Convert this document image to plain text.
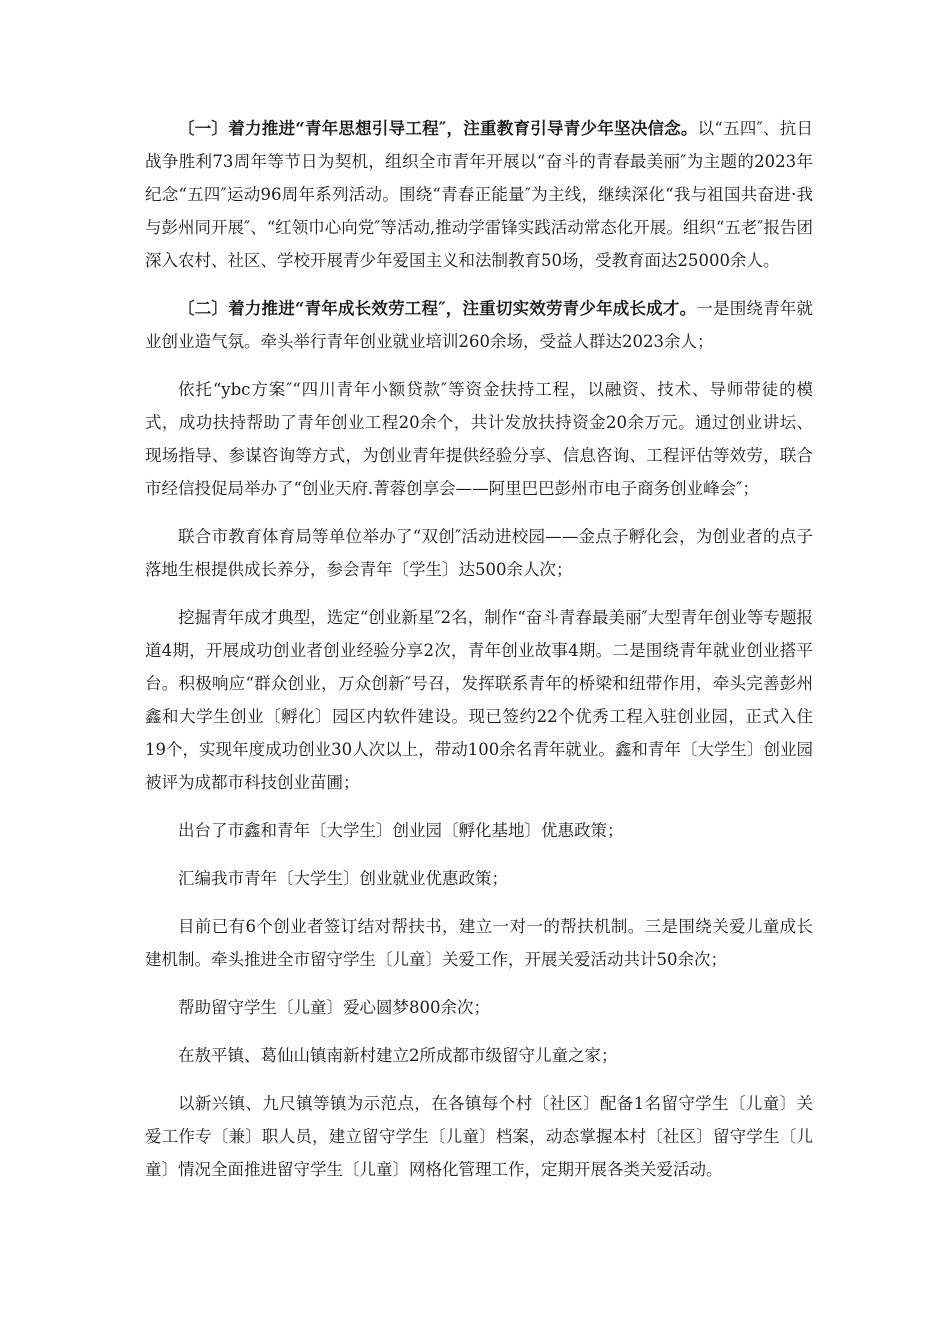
〔一〕着力推进“青年思想引导工程″，注重教育引导青少年坚决信念。以“五四″、抗日战争胜利73周年等节日为契机，组织全市青年开展以“奋斗的青春最美丽″为主题的2023年纪念“五四″运动96周年系列活动。围绕“青春正能量″为主线，继续深化“我与祖国共奋进·我与彭州同开展″、“红领巾心向党″等活动,推动学雷锋实践活动常态化开展。组织“五老″报告团深入农村、社区、学校开展青少年爱国主义和法制教育50场，受教育面达25000余人。

〔二〕着力推进“青年成长效劳工程″，注重切实效劳青少年成长成才。一是围绕青年就业创业造气氛。牵头举行青年创业就业培训260余场，受益人群达2023余人；

依托“ybc方案″“四川青年小额贷款″等资金扶持工程，以融资、技术、导师带徒的模式，成功扶持帮助了青年创业工程20余个，共计发放扶持资金20余万元。通过创业讲坛、现场指导、参谋咨询等方式，为创业青年提供经验分享、信息咨询、工程评估等效劳，联合市经信投促局举办了“创业天府.菁蓉创享会——阿里巴巴彭州市电子商务创业峰会″；

联合市教育体育局等单位举办了“双创″活动进校园——金点子孵化会，为创业者的点子落地生根提供成长养分，参会青年〔学生〕达500余人次；

挖掘青年成才典型，选定“创业新星″2名，制作“奋斗青春最美丽″大型青年创业等专题报道4期，开展成功创业者创业经验分享2次，青年创业故事4期。二是围绕青年就业创业搭平台。积极响应“群众创业，万众创新″号召，发挥联系青年的桥梁和纽带作用，牵头完善彭州鑫和大学生创业〔孵化〕园区内软件建设。现已签约22个优秀工程入驻创业园，正式入住19个，实现年度成功创业30人次以上，带动100余名青年就业。鑫和青年〔大学生〕创业园被评为成都市科技创业苗圃；

出台了市鑫和青年〔大学生〕创业园〔孵化基地〕优惠政策；

汇编我市青年〔大学生〕创业就业优惠政策；

目前已有6个创业者签订结对帮扶书，建立一对一的帮扶机制。三是围绕关爱儿童成长建机制。牵头推进全市留守学生〔儿童〕关爱工作，开展关爱活动共计50余次；

帮助留守学生〔儿童〕爱心圆梦800余次；

在敖平镇、葛仙山镇南新村建立2所成都市级留守儿童之家；

以新兴镇、九尺镇等镇为示范点，在各镇每个村〔社区〕配备1名留守学生〔儿童〕关爱工作专〔兼〕职人员，建立留守学生〔儿童〕档案，动态掌握本村〔社区〕留守学生〔儿童〕情况全面推进留守学生〔儿童〕网格化管理工作，定期开展各类关爱活动。
